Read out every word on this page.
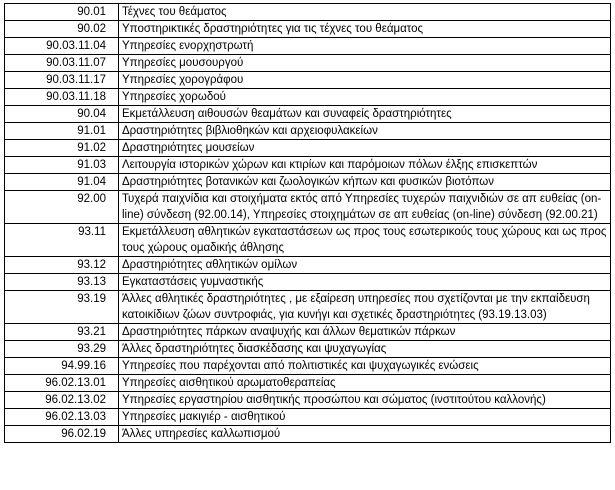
90.01	Τέχνες του θεάματος
90.02	Υποστηρικτικές δραστηριότητες για τις τέχνες του θεάματος
90.03.11.04	Υπηρεσίες ενορχηστρωτή
90.03.11.07	Υπηρεσίες μουσουργού
90.03.11.17	Υπηρεσίες χορογράφου
90.03.11.18	Υπηρεσίες χορωδού
90.04	Εκμετάλλευση αιθουσών θεαμάτων και συναφείς δραστηριότητες
91.01	Δραστηριότητες βιβλιοθηκών και αρχειοφυλακείων
91.02	Δραστηριότητες μουσείων
91.03	Λειτουργία ιστορικών χώρων και κτιρίων και παρόμοιων πόλων έλξης επισκεπτών
91.04	Δραστηριότητες βοτανικών και ζωολογικών κήπων και φυσικών βιοτόπων
92.00	Τυχερά παιχνίδια και στοιχήματα εκτός από Υπηρεσίες τυχερών παιχνιδιών σε απ ευθείας (on-line) σύνδεση (92.00.14), Υπηρεσίες στοιχημάτων σε απ ευθείας (on-line) σύνδεση (92.00.21)
93.11	Εκμετάλλευση αθλητικών εγκαταστάσεων ως προς τους εσωτερικούς τους χώρους και ως προς τους χώρους ομαδικής άθλησης
93.12	Δραστηριότητες αθλητικών ομίλων
93.13	Εγκαταστάσεις γυμναστικής
93.19	Άλλες αθλητικές δραστηριότητες , με εξαίρεση υπηρεσίες που σχετίζονται με την εκπαίδευση κατοικίδιων ζώων συντροφιάς, για κυνήγι και σχετικές δραστηριότητες (93.19.13.03)
93.21	Δραστηριότητες πάρκων αναψυχής και άλλων θεματικών πάρκων
93.29	Άλλες δραστηριότητες διασκέδασης και ψυχαγωγίας
94.99.16	Υπηρεσίες που παρέχονται από πολιτιστικές και ψυχαγωγικές ενώσεις
96.02.13.01	Υπηρεσίες αισθητικού αρωματοθεραπείας
96.02.13.02	Υπηρεσίες εργαστηρίου αισθητικής προσώπου και σώματος (ινστιτούτου καλλονής)
96.02.13.03	Υπηρεσίες μακιγιέρ - αισθητικού
96.02.19	Άλλες υπηρεσίες καλλωπισμού
